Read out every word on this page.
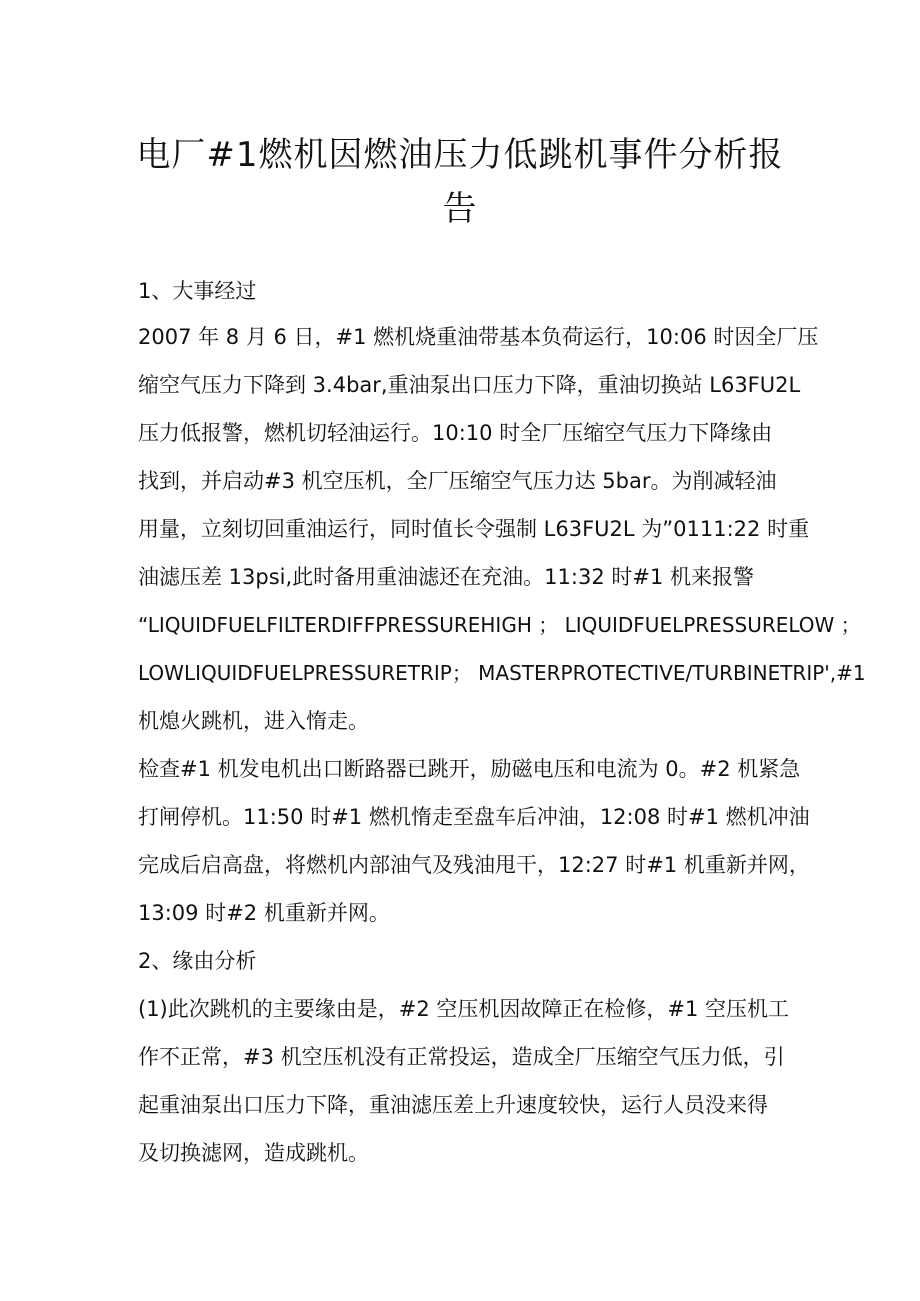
电厂#1燃机因燃油压力低跳机事件分析报告

1、大事经过

2007 年 8 月 6 日，#1 燃机烧重油带基本负荷运行，10:06 时因全厂压

缩空气压力下降到 3.4bar,重油泵出口压力下降，重油切换站 L63FU2L

压力低报警，燃机切轻油运行。10:10 时全厂压缩空气压力下降缘由

找到，并启动#3 机空压机，全厂压缩空气压力达 5bar。为削减轻油

用量，立刻切回重油运行，同时值长令强制 L63FU2L 为”0111:22 时重

油滤压差 13psi,此时备用重油滤还在充油。11:32 时#1 机来报警

“LIQUIDFUELFILTERDIFFPRESSUREHIGH ； LIQUIDFUELPRESSURELOW ；

LOWLIQUIDFUELPRESSURETRIP； MASTERPROTECTIVE∕TURBINETRIP',#1

机熄火跳机，进入惰走。

检查#1 机发电机出口断路器已跳开，励磁电压和电流为 0。#2 机紧急

打闸停机。11:50 时#1 燃机惰走至盘车后冲油，12:08 时#1 燃机冲油

完成后启高盘，将燃机内部油气及残油甩干，12:27 时#1 机重新并网，

13:09 时#2 机重新并网。

2、缘由分析

(1)此次跳机的主要缘由是，#2 空压机因故障正在检修，#1 空压机工

作不正常，#3 机空压机没有正常投运，造成全厂压缩空气压力低，引

起重油泵出口压力下降，重油滤压差上升速度较快，运行人员没来得

及切换滤网，造成跳机。
